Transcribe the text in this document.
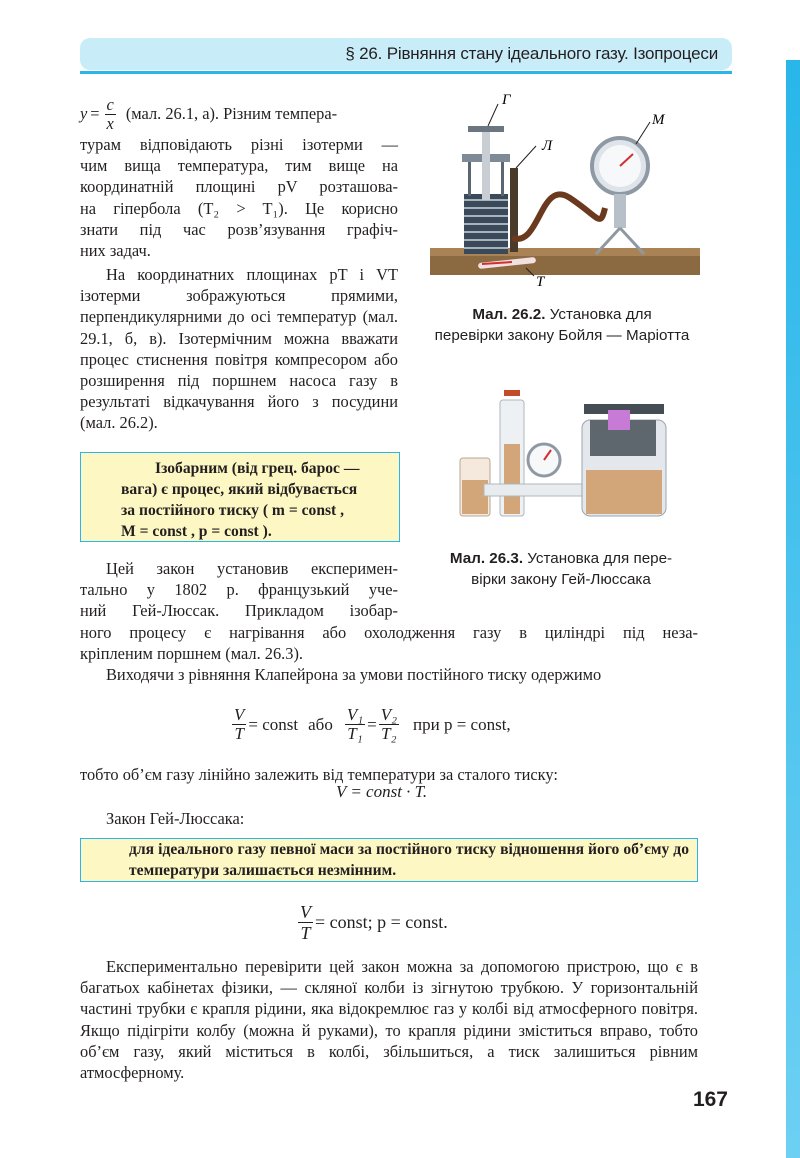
§ 26. Рівняння стану ідеального газу. Ізопроцеси
$y = \frac{c}{x} (мал$. 26.1, а). Різним темпера-
турам відповідають різні ізотерми —
чим вища температура, тим вище на
координатній площині pV розташова-
на гіпербола (T₂ > T₁). Це корисно
знати під час розв’язування графіч-
них задач.

На координатних площинах pT і VT ізотерми зображуються прямими, перпендикулярними до осі температур (мал. 29.1, б, в). Ізотермічним можна вважати процес стиснення повітря компресором або розширення під поршнем насоса газу в результаті відкачування його з посудини (мал. 26.2).

Ізобарним (від грец. барос —
вага) є процес, який відбувається
за постійного тиску ( m = const ,
M = const , p = const ).
Цей закон установив експеримен-
тально у 1802 р. французький уче-
ний Гей-Люссак. Прикладом ізобар-
ного процесу є нагрівання або охолодження газу в циліндрі під неза-
кріпленим поршнем (мал. 26.3).

Виходячи з рівняння Клапейрона за умови постійного тиску одержимо

$\frac{V}{T}$ = const або $\frac{\text{V₁}}{\text{T₁}} = \frac{\text{V₂}}{\text{T₂}}$ при p = const,

тобто об’єм газу лінійно залежить від температури за сталого тиску:

V = const · T.

Закон Гей-Люссака:

для ідеального газу певної маси за постійного тиску відношення його об’єму до температури залишається незмінним.
$\frac{V}{T}$ = const; p = const.

Експериментально перевірити цей закон можна за допомогою пристрою, що є в багатьох кабінетах фізики, — скляної колби із зігнутою трубкою. У горизонтальній частині трубки є крапля рідини, яка відокремлює газ у колбі від атмосферного повітря. Якщо підігріти колбу (можна й руками), то крапля рідини зміститься вправо, тобто об’єм газу, який міститься в колбі, збільшиться, а тиск залишиться рівним атмосферному.

Г
Л
М
Т
Мал. 26.2. Установка для
перевірки закону Бойля — Маріотта
Мал. 26.3. Установка для пере-
вірки закону Гей-Люссака
167
